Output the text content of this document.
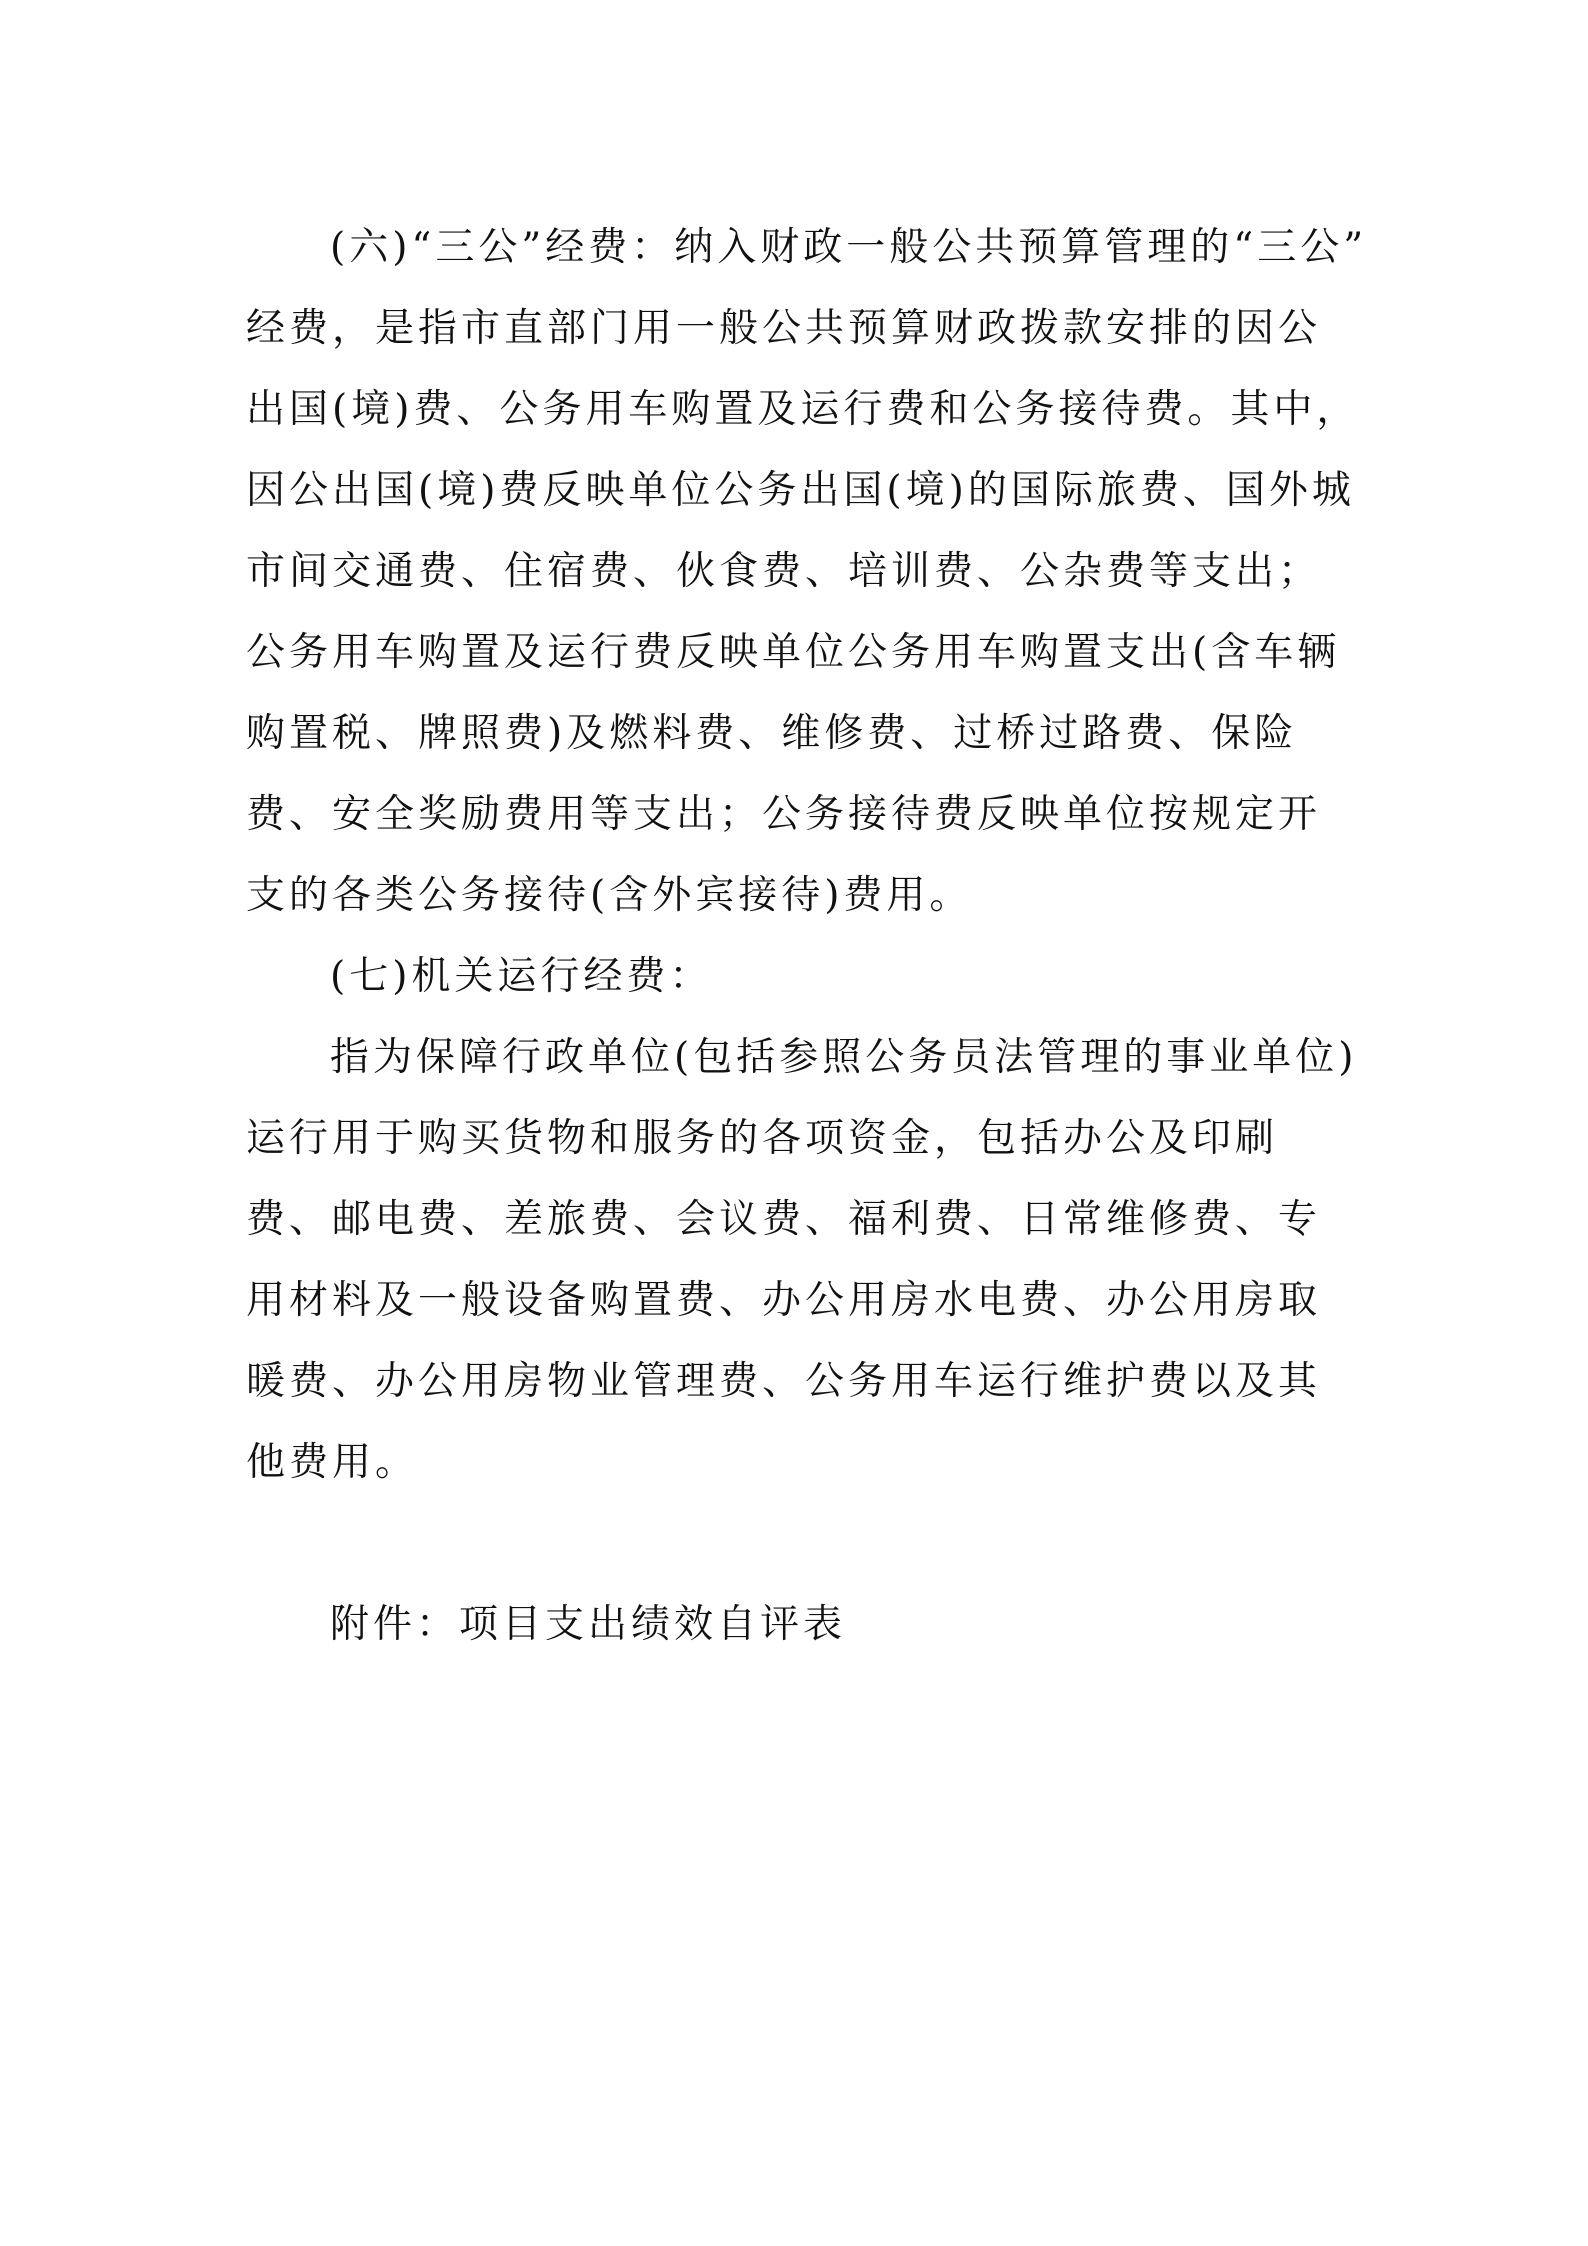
(六)“三公”经费：纳入财政一般公共预算管理的“三公”
经费，是指市直部门用一般公共预算财政拨款安排的因公
出国(境)费、公务用车购置及运行费和公务接待费。其中，
因公出国(境)费反映单位公务出国(境)的国际旅费、国外城
市间交通费、住宿费、伙食费、培训费、公杂费等支出；
公务用车购置及运行费反映单位公务用车购置支出(含车辆
购置税、牌照费)及燃料费、维修费、过桥过路费、保险
费、安全奖励费用等支出；公务接待费反映单位按规定开
支的各类公务接待(含外宾接待)费用。
(七)机关运行经费：
指为保障行政单位(包括参照公务员法管理的事业单位)
运行用于购买货物和服务的各项资金，包括办公及印刷
费、邮电费、差旅费、会议费、福利费、日常维修费、专
用材料及一般设备购置费、办公用房水电费、办公用房取
暖费、办公用房物业管理费、公务用车运行维护费以及其
他费用。
附件：项目支出绩效自评表
